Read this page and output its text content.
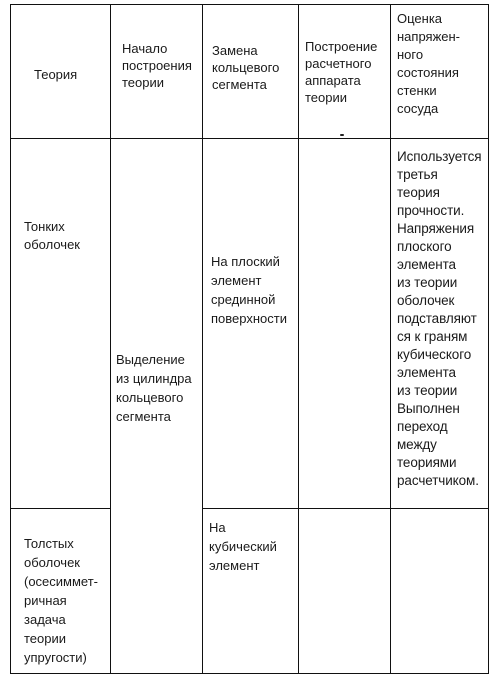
Теория
Начало
построения
теории
Замена
кольцевого
сегмента
Построение
расчетного
аппарата
теории
Оценка
напряжен-
ного
состояния
стенки
сосуда
Тонких
оболочек
На плоский
элемент
срединной
поверхности
Используется
третья
теория
прочности.
Напряжения
плоского
элемента
из теории
оболочек
подставляют
ся к граням
кубического
элемента
из теории
Выполнен
переход
между
теориями
расчетчиком.
Выделение
из цилиндра
кольцевого
сегмента
Толстых
оболочек
(осесиммет-
ричная
задача
теории
упругости)
На
кубический
элемент
